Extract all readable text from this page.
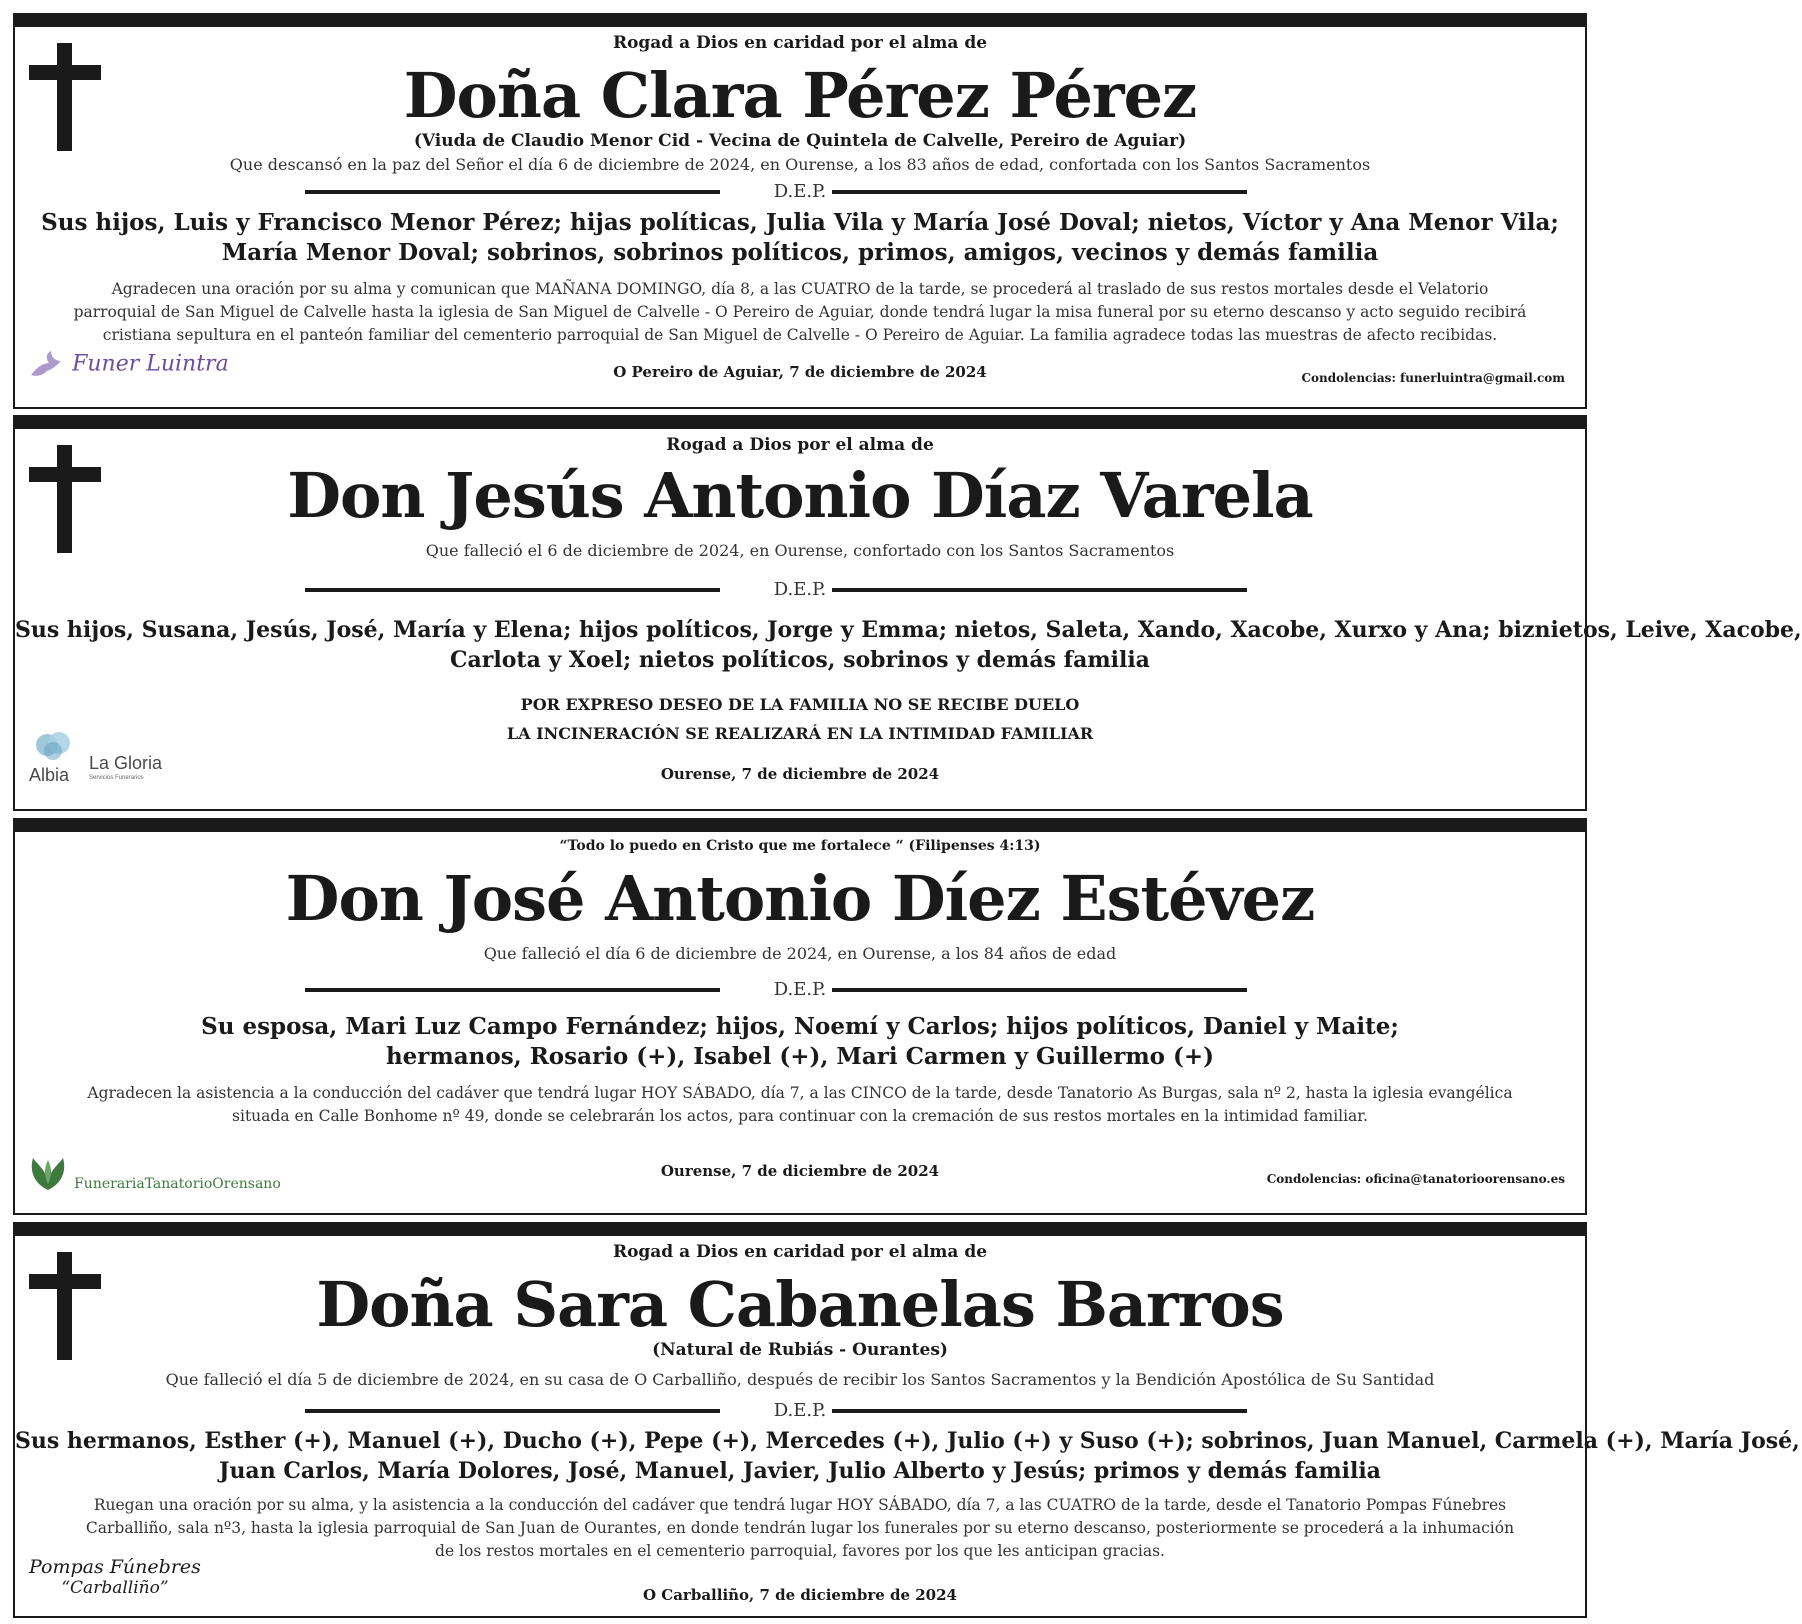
Rogad a Dios en caridad por el alma de
Doña Clara Pérez Pérez
(Viuda de Claudio Menor Cid - Vecina de Quintela de Calvelle, Pereiro de Aguiar)
Que descansó en la paz del Señor el día 6 de diciembre de 2024, en Ourense, a los 83 años de edad, confortada con los Santos Sacramentos
D.E.P.
Sus hijos, Luis y Francisco Menor Pérez; hijas políticas, Julia Vila y María José Doval; nietos, Víctor y Ana Menor Vila;
María Menor Doval; sobrinos, sobrinos políticos, primos, amigos, vecinos y demás familia
Agradecen una oración por su alma y comunican que MAÑANA DOMINGO, día 8, a las CUATRO de la tarde, se procederá al traslado de sus restos mortales desde el Velatorio
parroquial de San Miguel de Calvelle hasta la iglesia de San Miguel de Calvelle - O Pereiro de Aguiar, donde tendrá lugar la misa funeral por su eterno descanso y acto seguido recibirá
cristiana sepultura en el panteón familiar del cementerio parroquial de San Miguel de Calvelle - O Pereiro de Aguiar. La familia agradece todas las muestras de afecto recibidas.
Funer Luintra	O Pereiro de Aguiar, 7 de diciembre de 2024	Condolencias: funerluintra@gmail.com
Rogad a Dios por el alma de
Don Jesús Antonio Díaz Varela
Que falleció el 6 de diciembre de 2024, en Ourense, confortado con los Santos Sacramentos
D.E.P.
Sus hijos, Susana, Jesús, José, María y Elena; hijos políticos, Jorge y Emma; nietos, Saleta, Xando, Xacobe, Xurxo y Ana; biznietos, Leive, Xacobe,
Carlota y Xoel; nietos políticos, sobrinos y demás familia
POR EXPRESO DESEO DE LA FAMILIA NO SE RECIBE DUELO
LA INCINERACIÓN SE REALIZARÁ EN LA INTIMIDAD FAMILIAR
Ourense, 7 de diciembre de 2024
Albia
La Gloria
Servicios Funerarios
“Todo lo puedo en Cristo que me fortalece “ (Filipenses 4:13)
Don José Antonio Díez Estévez
Que falleció el día 6 de diciembre de 2024, en Ourense, a los 84 años de edad
D.E.P.
Su esposa, Mari Luz Campo Fernández; hijos, Noemí y Carlos; hijos políticos, Daniel y Maite;
hermanos, Rosario (+), Isabel (+), Mari Carmen y Guillermo (+)
Agradecen la asistencia a la conducción del cadáver que tendrá lugar HOY SÁBADO, día 7, a las CINCO de la tarde, desde Tanatorio As Burgas, sala nº 2, hasta la iglesia evangélica
situada en Calle Bonhome nº 49, donde se celebrarán los actos, para continuar con la cremación de sus restos mortales en la intimidad familiar.
FunerariaTanatorioOrensano
Ourense, 7 de diciembre de 2024	Condolencias: oficina@tanatorioorensano.es
Rogad a Dios en caridad por el alma de
Doña Sara Cabanelas Barros
(Natural de Rubiás - Ourantes)
Que falleció el día 5 de diciembre de 2024, en su casa de O Carballiño, después de recibir los Santos Sacramentos y la Bendición Apostólica de Su Santidad
D.E.P.
Sus hermanos, Esther (+), Manuel (+), Ducho (+), Pepe (+), Mercedes (+), Julio (+) y Suso (+); sobrinos, Juan Manuel, Carmela (+), María José,
Juan Carlos, María Dolores, José, Manuel, Javier, Julio Alberto y Jesús; primos y demás familia
Ruegan una oración por su alma, y la asistencia a la conducción del cadáver que tendrá lugar HOY SÁBADO, día 7, a las CUATRO de la tarde, desde el Tanatorio Pompas Fúnebres
Carballiño, sala nº3, hasta la iglesia parroquial de San Juan de Ourantes, en donde tendrán lugar los funerales por su eterno descanso, posteriormente se procederá a la inhumación
de los restos mortales en el cementerio parroquial, favores por los que les anticipan gracias.
Pompas Fúnebres
“Carballiño”	O Carballiño, 7 de diciembre de 2024
